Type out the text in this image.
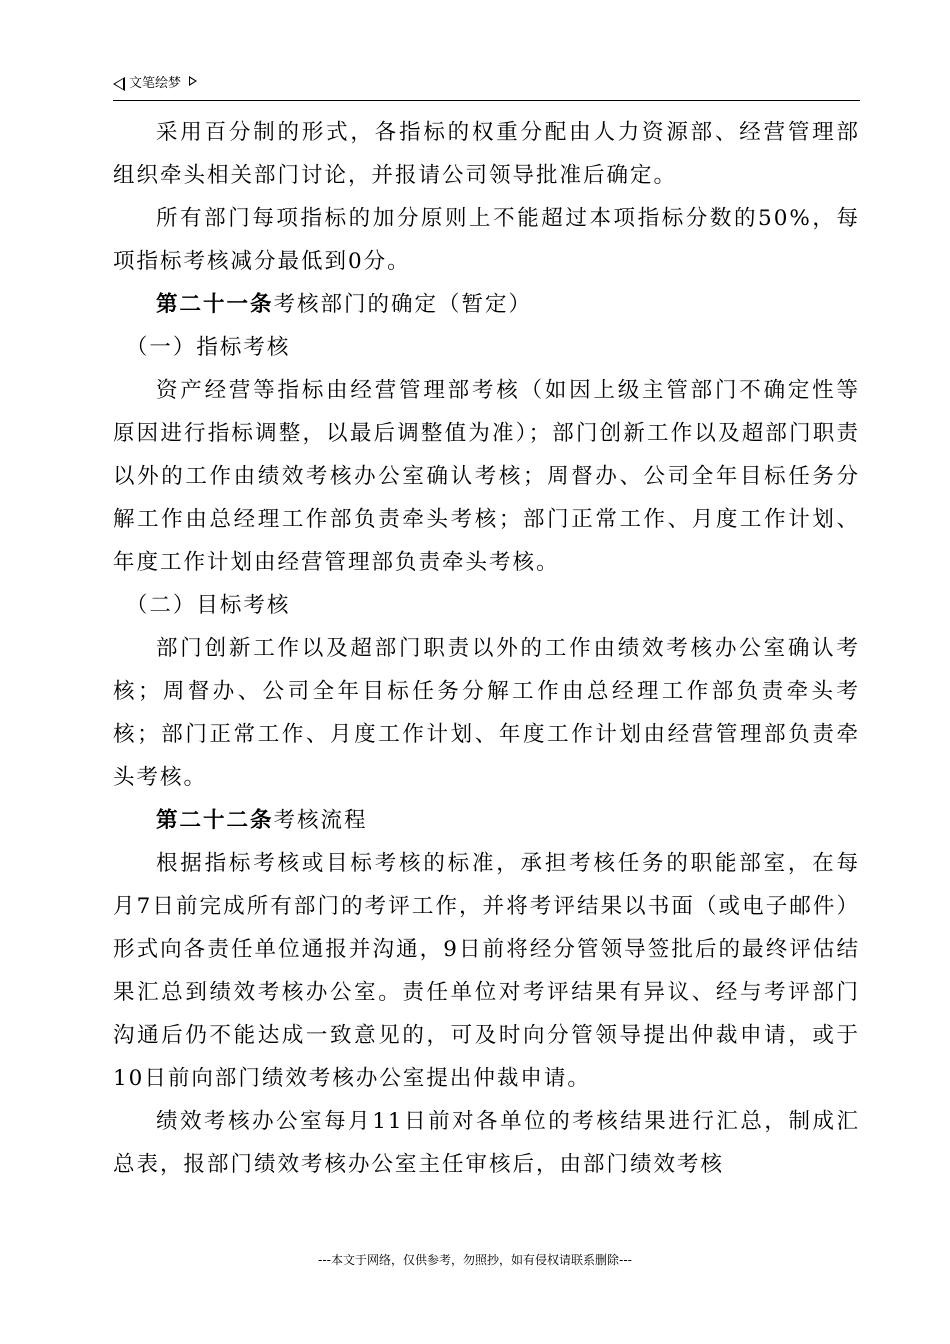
文笔绘梦

采用百分制的形式，各指标的权重分配由人力资源部、经营管理部组织牵头相关部门讨论，并报请公司领导批准后确定。

所有部门每项指标的加分原则上不能超过本项指标分数的50%，每项指标考核减分最低到0分。

第二十一条考核部门的确定（暂定）

（一）指标考核

资产经营等指标由经营管理部考核（如因上级主管部门不确定性等原因进行指标调整，以最后调整值为准）；部门创新工作以及超部门职责以外的工作由绩效考核办公室确认考核；周督办、公司全年目标任务分解工作由总经理工作部负责牵头考核；部门正常工作、月度工作计划、年度工作计划由经营管理部负责牵头考核。

（二）目标考核

部门创新工作以及超部门职责以外的工作由绩效考核办公室确认考核；周督办、公司全年目标任务分解工作由总经理工作部负责牵头考核；部门正常工作、月度工作计划、年度工作计划由经营管理部负责牵头考核。

第二十二条考核流程

根据指标考核或目标考核的标准，承担考核任务的职能部室，在每月7日前完成所有部门的考评工作，并将考评结果以书面（或电子邮件）形式向各责任单位通报并沟通，9日前将经分管领导签批后的最终评估结果汇总到绩效考核办公室。责任单位对考评结果有异议、经与考评部门沟通后仍不能达成一致意见的，可及时向分管领导提出仲裁申请，或于10日前向部门绩效考核办公室提出仲裁申请。

绩效考核办公室每月11日前对各单位的考核结果进行汇总，制成汇总表，报部门绩效考核办公室主任审核后，由部门绩效考核

---本文于网络，仅供参考，勿照抄，如有侵权请联系删除---
